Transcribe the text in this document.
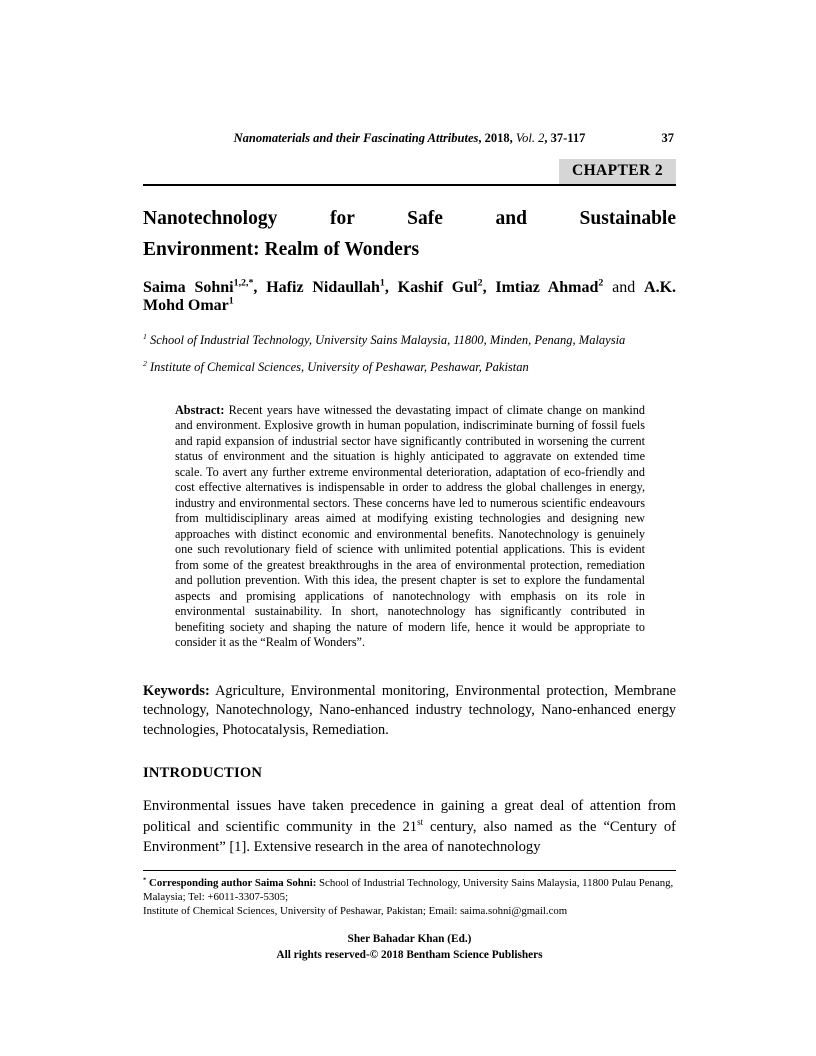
Nanomaterials and their Fascinating Attributes, 2018, Vol. 2, 37-117	37
CHAPTER 2
Nanotechnology for Safe and Sustainable
Environment: Realm of Wonders

Saima Sohni$^{1,2,*}$, Hafiz Nidaullah$^1$, Kashif Gul$^2$, Imtiaz Ahmad$^2$ and A.K.
Mohd Omar$^1$

$^1$ School of Industrial Technology, University Sains Malaysia, 11800, Minden, Penang, Malaysia

$^2$ Institute of Chemical Sciences, University of Peshawar, Peshawar, Pakistan

Abstract: Recent years have witnessed the devastating impact of climate change on mankind and environment. Explosive growth in human population, indiscriminate burning of fossil fuels and rapid expansion of industrial sector have significantly contributed in worsening the current status of environment and the situation is highly anticipated to aggravate on extended time scale. To avert any further extreme environmental deterioration, adaptation of eco-friendly and cost effective alternatives is indispensable in order to address the global challenges in energy, industry and environmental sectors. These concerns have led to numerous scientific endeavours from multidisciplinary areas aimed at modifying existing technologies and designing new approaches with distinct economic and environmental benefits. Nanotechnology is genuinely one such revolutionary field of science with unlimited potential applications. This is evident from some of the greatest breakthroughs in the area of environmental protection, remediation and pollution prevention. With this idea, the present chapter is set to explore the fundamental aspects and promising applications of nanotechnology with emphasis on its role in environmental sustainability. In short, nanotechnology has significantly contributed in benefiting society and shaping the nature of modern life, hence it would be appropriate to consider it as the “Realm of Wonders”.

Keywords: Agriculture, Environmental monitoring, Environmental protection, Membrane technology, Nanotechnology, Nano-enhanced industry technology, Nano-enhanced energy technologies, Photocatalysis, Remediation.

INTRODUCTION

Environmental issues have taken precedence in gaining a great deal of attention from political and scientific community in the 21st century, also named as the “Century of Environment” [1]. Extensive research in the area of nanotechnology

* Corresponding author Saima Sohni: School of Industrial Technology, University Sains Malaysia, 11800 Pulau Penang, Malaysia; Tel: +6011-3307-5305;

Institute of Chemical Sciences, University of Peshawar, Pakistan; Email: saima.sohni@gmail.com

Sher Bahadar Khan (Ed.)

All rights reserved-© 2018 Bentham Science Publishers
